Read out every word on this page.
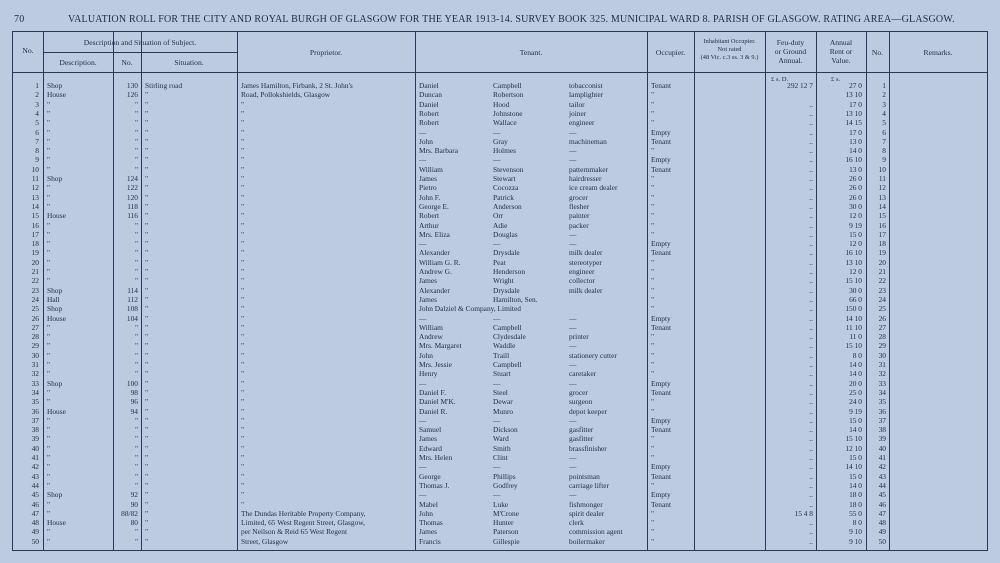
70	VALUATION ROLL FOR THE CITY AND ROYAL BURGH OF GLASGOW FOR THE YEAR 1913-14. SURVEY BOOK 325. MUNICIPAL WARD 8. PARISH OF GLASGOW. RATING AREA—GLASGOW.
No.
Description and Situation of Subject.
Description.	No.	Situation.
Proprietor.	Tenant.	Occupier.
Inhabitant Occupier.
Not rated
(48 Vic. c.3 ss. 3 & 9.)
Feu-duty
or Ground
Annual.
Annual
Rent or
Value.
No.	Remarks.
£ s. D.	£ s.
1 Shop	130 Stirling road	James Hamilton, Firbank, 2 St. John's	Daniel	Campbell	tobacconist	Tenant	292 12 7	27 0	1
2 House	126 "	Road, Pollokshields, Glasgow	Duncan	Robertson	lamplighter	"	13 10	2
3 "	" "	"	Daniel	Hood	tailor	"	..	17 0	3
4 "	" "	"	Robert	Johnstone	joiner	"	..	13 10	4
5 "	" "	"	Robert	Wallace	engineer	"	..	14 15	5
6 "	" "	"	—	—	—	Empty	..	17 0	6
7 "	" "	"	John	Gray	machineman	Tenant	..	13 0	7
8 "	" "	"	Mrs. Barbara	Holmes	—	"	..	14 0	8
9 "	" "	"	—	—	—	Empty	..	16 10	9
10 "	" "	"	William	Stevenson	patternmaker	Tenant	..	13 0	10
11 Shop	124 "	"	James	Stewart	hairdresser	"	..	26 0	11
12 "	122 "	"	Pietro	Cocozza	ice cream dealer	"	..	26 0	12
13 "	120 "	"	John F.	Patrick	grocer	"	..	26 0	13
14 "	118 "	"	George E.	Anderson	flesher	"	..	30 0	14
15 House	116 "	"	Robert	Orr	painter	"	..	12 0	15
16 "	" "	"	Arthur	Adie	packer	"	..	9 19	16
17 "	" "	"	Mrs. Eliza	Douglas	—	"	..	15 0	17
18 "	" "	"	—	—	—	Empty	..	12 0	18
19 "	" "	"	Alexander	Drysdale	milk dealer	Tenant	..	16 10	19
20 "	" "	"	William G. R.	Peat	stereotyper	"	..	13 10	20
21 "	" "	"	Andrew G.	Henderson	engineer	"	..	12 0	21
22 "	" "	"	James	Wright	collector	"	..	15 10	22
23 Shop	114 "	"	Alexander	Drysdale	milk dealer	"	..	30 0	23
24 Hall	112 "	"	James	Hamilton, Sen.	"	..	66 0	24
25 Shop	108 "	"	John Dalziel & Company, Limited	"	..	150 0	25
26 House	104 "	"	—	—	—	Empty	..	14 10	26
27 "	" "	"	William	Campbell	—	Tenant	..	11 10	27
28 "	" "	"	Andrew	Clydesdale	printer	"	..	11 0	28
29 "	" "	"	Mrs. Margaret	Waddle	—	"	..	15 10	29
30 "	" "	"	John	Traill	stationery cutter	"	..	8 0	30
31 "	" "	"	Mrs. Jessie	Campbell	—	"	..	14 0	31
32 "	" "	"	Henry	Stuart	caretaker	"	..	14 0	32
33 Shop	100 "	"	—	—	—	Empty	..	20 0	33
34 "	98 "	"	Daniel F.	Steel	grocer	Tenant	..	25 0	34
35 "	96 "	"	Daniel M'K.	Dewar	surgeon	"	..	24 0	35
36 House	94 "	"	Daniel R.	Munro	depot keeper	"	..	9 19	36
37 "	" "	"	—	—	—	Empty	..	15 0	37
38 "	" "	"	Samuel	Dickson	gasfitter	Tenant	..	14 0	38
39 "	" "	"	James	Ward	gasfitter	"	..	15 10	39
40 "	" "	"	Edward	Smith	brassfinisher	"	..	12 10	40
41 "	" "	"	Mrs. Helen	Clint	—	"	..	15 0	41
42 "	" "	"	—	—	—	Empty	..	14 10	42
43 "	" "	"	George	Phillips	pointsman	Tenant	..	15 0	43
44 "	" "	"	Thomas J.	Godfrey	carriage lifter	"	..	14 0	44
45 Shop	92 "	"	—	—	—	Empty	..	18 0	45
46 "	90 "	"	Mabel	Luke	fishmonger	Tenant	..	18 0	46
47 "	88/82 "	The Dundas Heritable Property Company,	John	M'Crone	spirit dealer	"	15 4 8	55 0	47
48 House	80 "	Limited, 65 West Regent Street, Glasgow,	Thomas	Hunter	clerk	"	..	8 0	48
49 "	" "	per Neilson & Reid 65 West Regent	James	Paterson	commission agent	"	..	9 10	49
50 "	" "	Street, Glasgow	Francis	Gillespie	boilermaker	"	..	9 10	50
